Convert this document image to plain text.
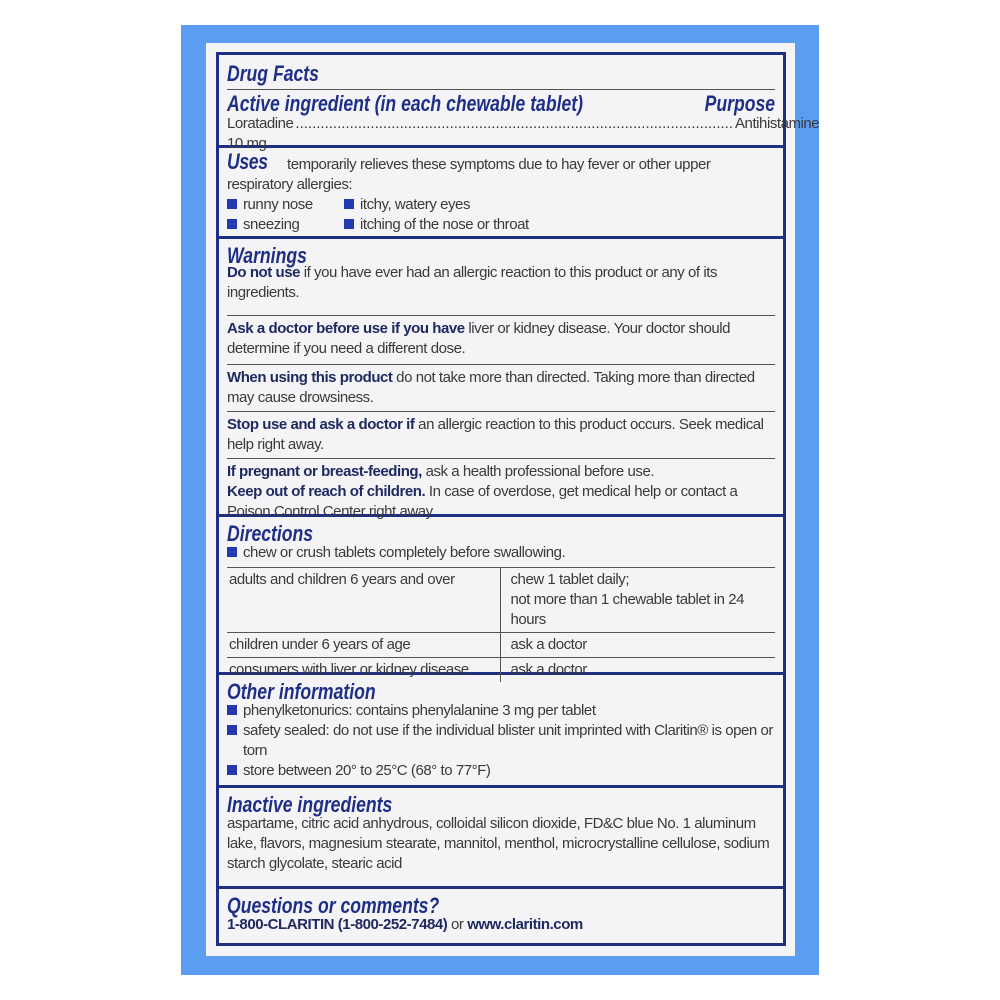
Drug Facts
Active ingredient (in each chewable tablet)	Purpose
Loratadine 10 mg
......................................................................................................... Antihistamine
Uses temporarily relieves these symptoms due to hay fever or other upper
respiratory allergies:
runny nose	itchy, watery eyes
sneezing	itching of the nose or throat
Warnings
Do not use if you have ever had an allergic reaction to this product or any of its ingredients.
Ask a doctor before use if you have liver or kidney disease. Your doctor should determine if you need a different dose.
When using this product do not take more than directed. Taking more than directed may cause drowsiness.
Stop use and ask a doctor if an allergic reaction to this product occurs. Seek medical help right away.
If pregnant or breast-feeding, ask a health professional before use.
Keep out of reach of children. In case of overdose, get medical help or contact a Poison Control Center right away.
Directions
chew or crush tablets completely before swallowing.
adults and children 6 years and over	chew 1 tablet daily;
not more than 1 chewable tablet in 24 hours

children under 6 years of age	ask a doctor
consumers with liver or kidney disease	ask a doctor
Other information
phenylketonurics: contains phenylalanine 3 mg per tablet
safety sealed: do not use if the individual blister unit imprinted with Claritin® is open or torn
store between 20° to 25°C (68° to 77°F)
Inactive ingredients
aspartame, citric acid anhydrous, colloidal silicon dioxide, FD&C blue No. 1 aluminum lake, flavors, magnesium stearate, mannitol, menthol, microcrystalline cellulose, sodium starch glycolate, stearic acid
Questions or comments?
1-800-CLARITIN (1-800-252-7484) or www.claritin.com
